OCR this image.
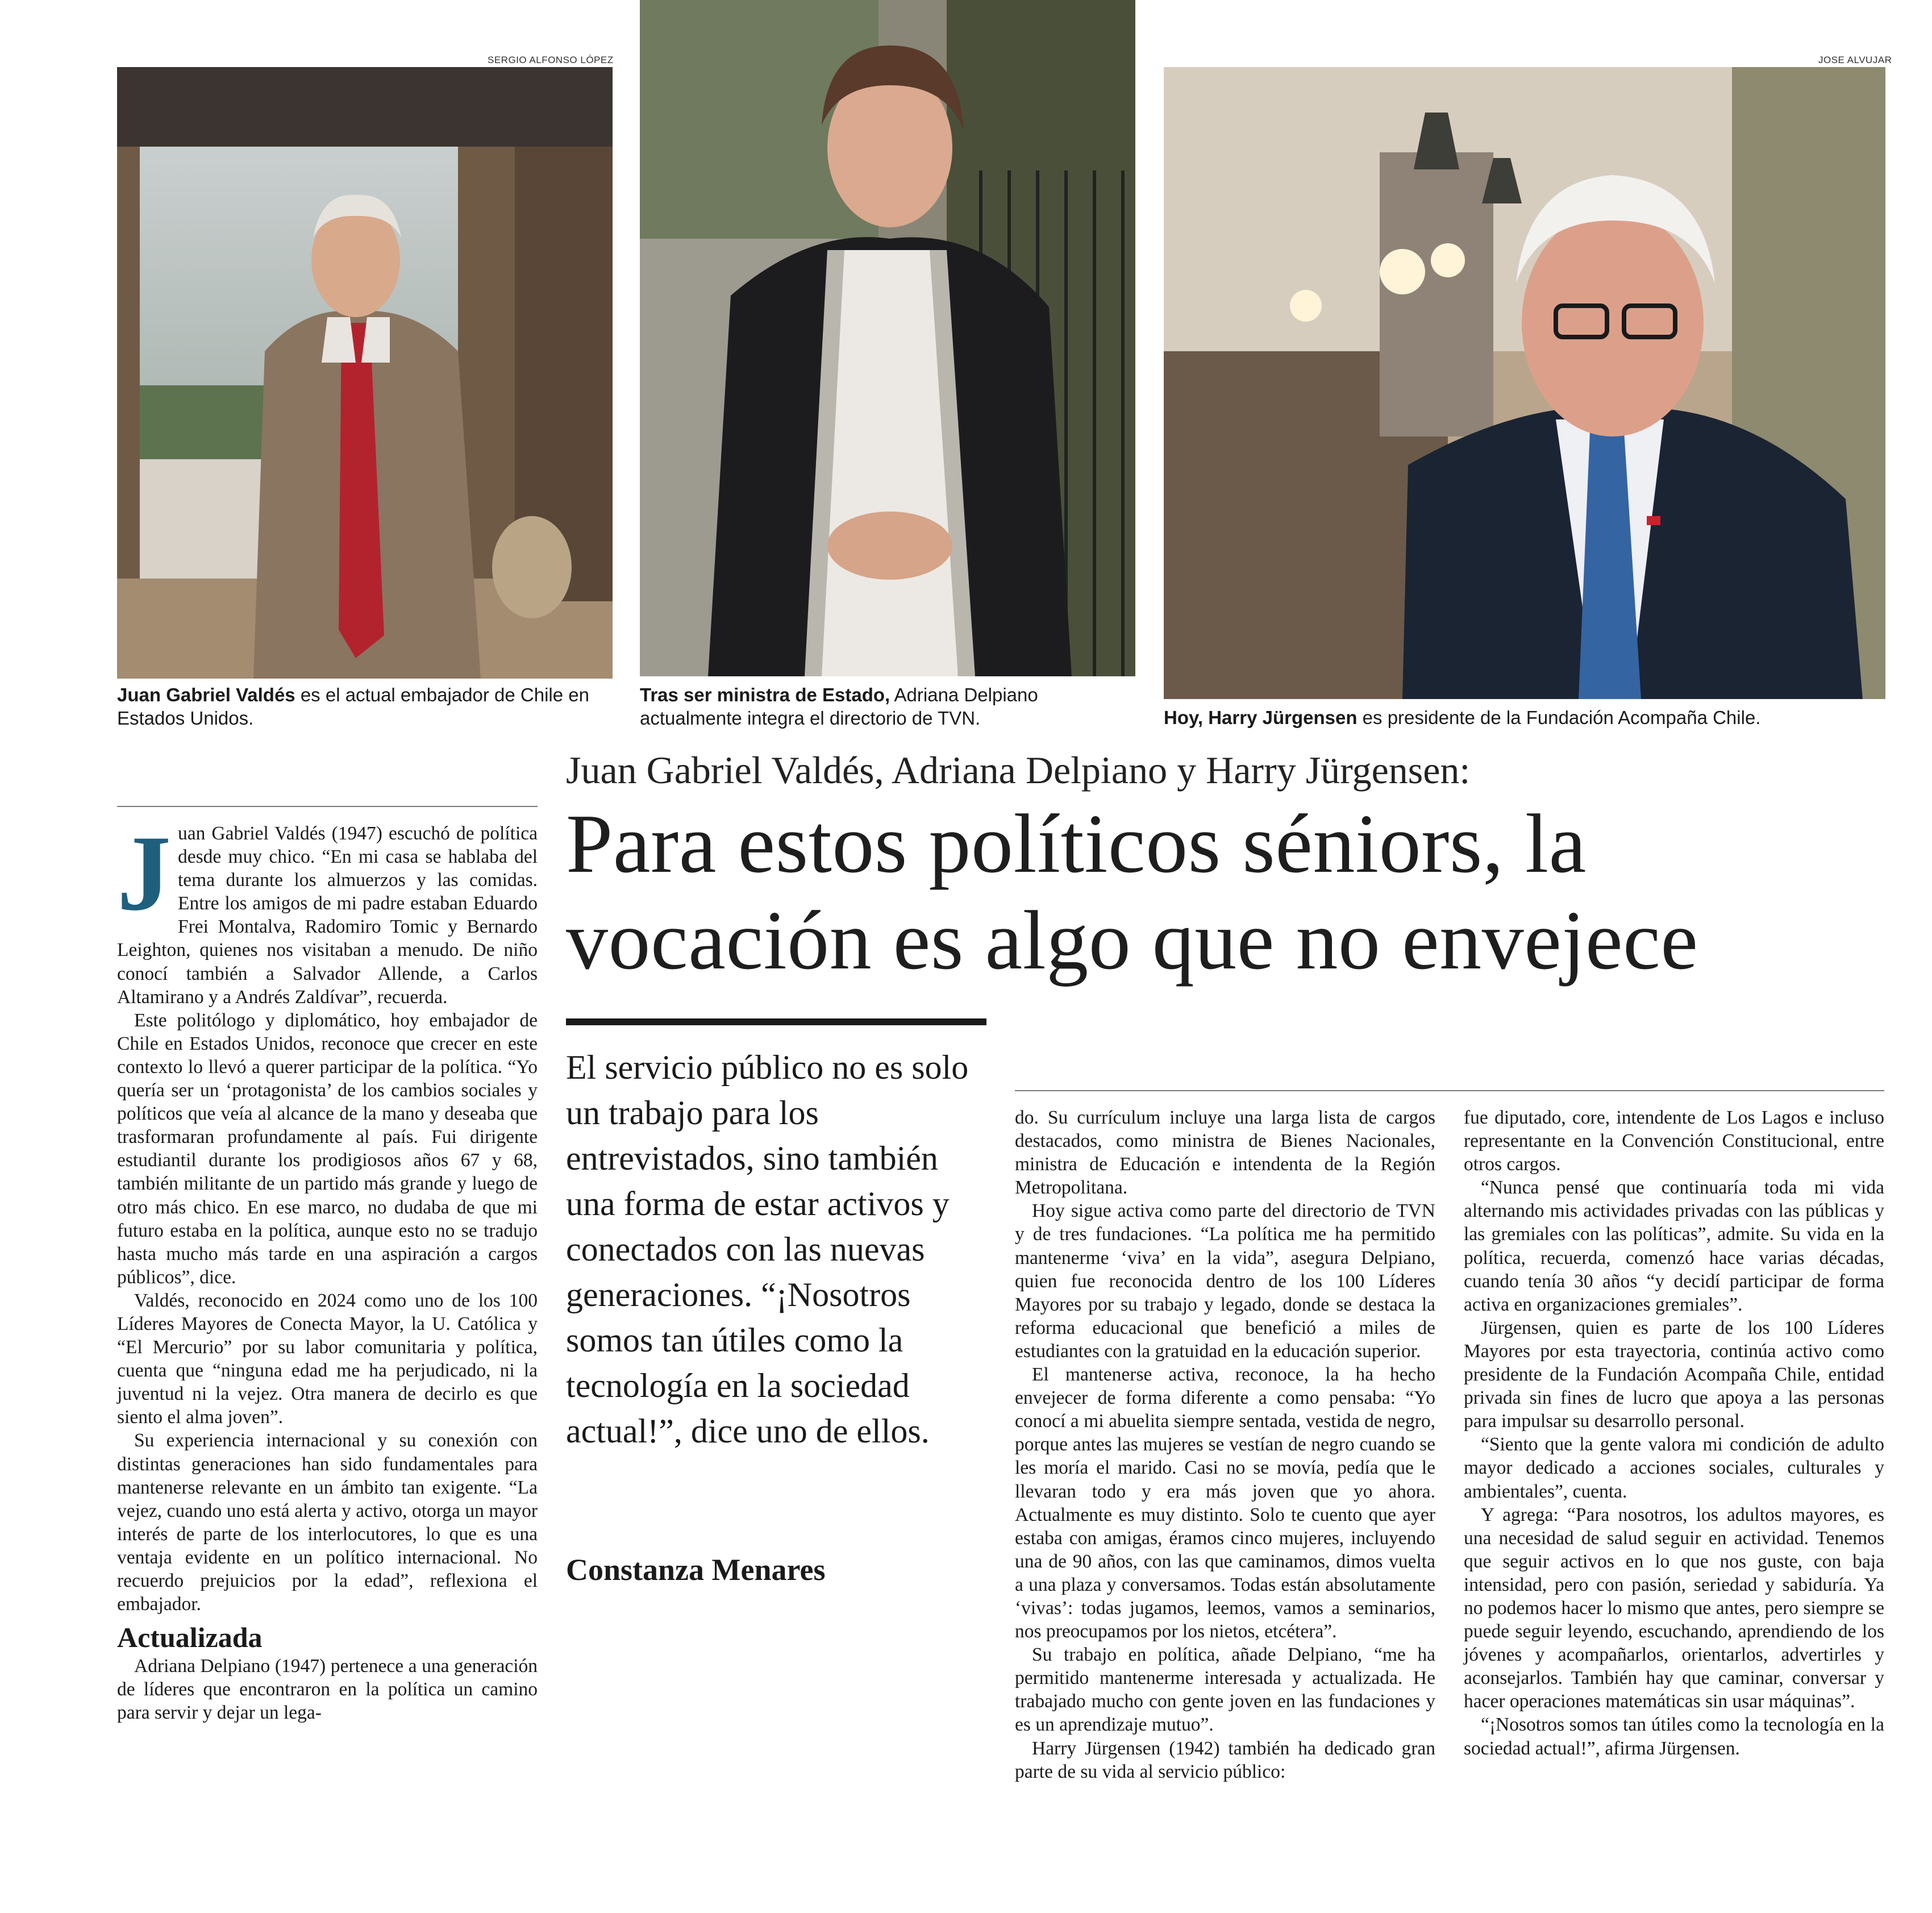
SERGIO ALFONSO LÓPEZ	JOSE ALVUJAR
Juan Gabriel Valdés es el actual embajador de Chile en Estados Unidos.
Tras ser ministra de Estado, Adriana Delpiano actualmente integra el directorio de TVN.	Hoy, Harry Jürgensen es presidente de la Fundación Acompaña Chile.
Juan Gabriel Valdés, Adriana Delpiano y Harry Jürgensen:
Para estos políticos séniors, la vocación es algo que no envejece
J uan Gabriel Valdés (1947) escuchó de política desde muy chico. “En mi casa se hablaba del tema durante los almuerzos y las comidas. Entre los amigos de mi padre estaban Eduardo Frei Montalva, Radomiro Tomic y Bernardo Leighton, quienes nos visitaban a menudo. De niño conocí también a Salvador Allende, a Carlos Altamirano y a Andrés Zaldívar”, recuerda.

Este politólogo y diplomático, hoy embajador de Chile en Estados Unidos, reconoce que crecer en este contexto lo llevó a querer participar de la política. “Yo quería ser un ‘protagonista’ de los cambios sociales y políticos que veía al alcance de la mano y deseaba que trasformaran profundamente al país. Fui dirigente estudiantil durante los prodigiosos años 67 y 68, también militante de un partido más grande y luego de otro más chico. En ese marco, no dudaba de que mi futuro estaba en la política, aunque esto no se tradujo hasta mucho más tarde en una aspiración a cargos públicos”, dice.

Valdés, reconocido en 2024 como uno de los 100 Líderes Mayores de Conecta Mayor, la U. Católica y “El Mercurio” por su labor comunitaria y política, cuenta que “ninguna edad me ha perjudicado, ni la juventud ni la vejez. Otra manera de decirlo es que siento el alma joven”.

Su experiencia internacional y su conexión con distintas generaciones han sido fundamentales para mantenerse relevante en un ámbito tan exigente. “La vejez, cuando uno está alerta y activo, otorga un mayor interés de parte de los interlocutores, lo que es una ventaja evidente en un político internacional. No recuerdo prejuicios por la edad”, reflexiona el embajador.

Actualizada

Adriana Delpiano (1947) pertenece a una generación de líderes que encontraron en la política un camino para servir y dejar un lega-

El servicio público no es solo un trabajo para los entrevistados, sino también una forma de estar activos y conectados con las nuevas generaciones. “¡Nosotros somos tan útiles como la tecnología en la sociedad actual!”, dice uno de ellos.
Constanza Menares

do. Su currículum incluye una larga lista de cargos destacados, como ministra de Bienes Nacionales, ministra de Educación e intendenta de la Región Metropolitana.

Hoy sigue activa como parte del directorio de TVN y de tres fundaciones. “La política me ha permitido mantenerme ‘viva’ en la vida”, asegura Delpiano, quien fue reconocida dentro de los 100 Líderes Mayores por su trabajo y legado, donde se destaca la reforma educacional que benefició a miles de estudiantes con la gratuidad en la educación superior.

El mantenerse activa, reconoce, la ha hecho envejecer de forma diferente a como pensaba: “Yo conocí a mi abuelita siempre sentada, vestida de negro, porque antes las mujeres se vestían de negro cuando se les moría el marido. Casi no se movía, pedía que le llevaran todo y era más joven que yo ahora. Actualmente es muy distinto. Solo te cuento que ayer estaba con amigas, éramos cinco mujeres, incluyendo una de 90 años, con las que caminamos, dimos vuelta a una plaza y conversamos. Todas están absolutamente ‘vivas’: todas jugamos, leemos, vamos a seminarios, nos preocupamos por los nietos, etcétera”.

Su trabajo en política, añade Delpiano, “me ha permitido mantenerme interesada y actualizada. He trabajado mucho con gente joven en las fundaciones y es un aprendizaje mutuo”.

Harry Jürgensen (1942) también ha dedicado gran parte de su vida al servicio público:

fue diputado, core, intendente de Los Lagos e incluso representante en la Convención Constitucional, entre otros cargos.

“Nunca pensé que continuaría toda mi vida alternando mis actividades privadas con las públicas y las gremiales con las políticas”, admite. Su vida en la política, recuerda, comenzó hace varias décadas, cuando tenía 30 años “y decidí participar de forma activa en organizaciones gremiales”.

Jürgensen, quien es parte de los 100 Líderes Mayores por esta trayectoria, continúa activo como presidente de la Fundación Acompaña Chile, entidad privada sin fines de lucro que apoya a las personas para impulsar su desarrollo personal.

“Siento que la gente valora mi condición de adulto mayor dedicado a acciones sociales, culturales y ambientales”, cuenta.

Y agrega: “Para nosotros, los adultos mayores, es una necesidad de salud seguir en actividad. Tenemos que seguir activos en lo que nos guste, con baja intensidad, pero con pasión, seriedad y sabiduría. Ya no podemos hacer lo mismo que antes, pero siempre se puede seguir leyendo, escuchando, aprendiendo de los jóvenes y acompañarlos, orientarlos, advertirles y aconsejarlos. También hay que caminar, conversar y hacer operaciones matemáticas sin usar máquinas”.

“¡Nosotros somos tan útiles como la tecnología en la sociedad actual!”, afirma Jürgensen.
